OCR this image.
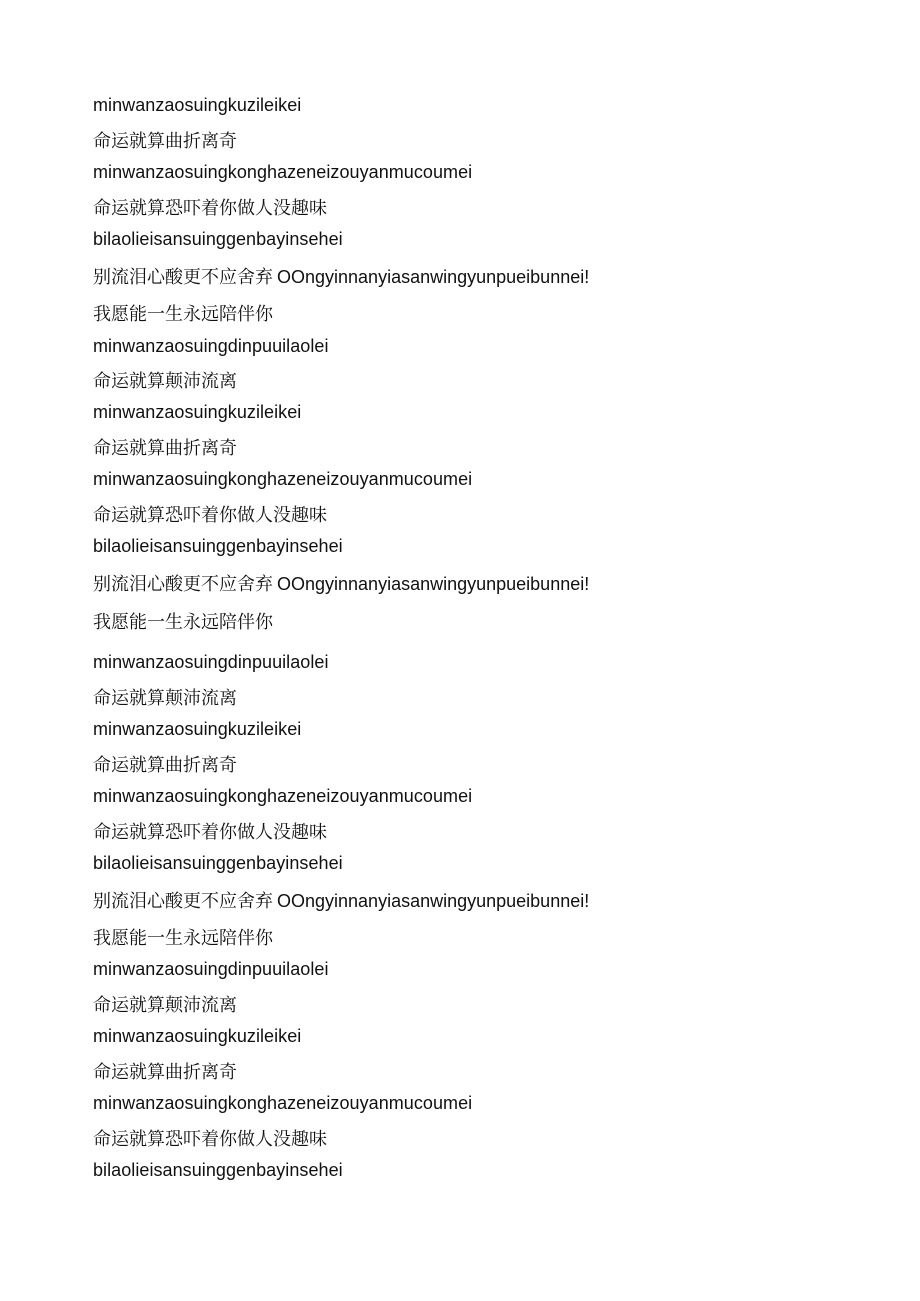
minwanzaosuingkuzileikei
命运就算曲折离奇
minwanzaosuingkonghazeneizouyanmucoumei
命运就算恐吓着你做人没趣味
bilaolieisansuinggenbayinsehei
别流泪心酸更不应舍弃 OOngyinnanyiasanwingyunpueibunnei!
我愿能一生永远陪伴你
minwanzaosuingdinpuuilaolei
命运就算颠沛流离
minwanzaosuingkuzileikei
命运就算曲折离奇
minwanzaosuingkonghazeneizouyanmucoumei
命运就算恐吓着你做人没趣味
bilaolieisansuinggenbayinsehei
别流泪心酸更不应舍弃 OOngyinnanyiasanwingyunpueibunnei!
我愿能一生永远陪伴你
minwanzaosuingdinpuuilaolei
命运就算颠沛流离
minwanzaosuingkuzileikei
命运就算曲折离奇
minwanzaosuingkonghazeneizouyanmucoumei
命运就算恐吓着你做人没趣味
bilaolieisansuinggenbayinsehei
别流泪心酸更不应舍弃 OOngyinnanyiasanwingyunpueibunnei!
我愿能一生永远陪伴你
minwanzaosuingdinpuuilaolei
命运就算颠沛流离
minwanzaosuingkuzileikei
命运就算曲折离奇
minwanzaosuingkonghazeneizouyanmucoumei
命运就算恐吓着你做人没趣味
bilaolieisansuinggenbayinsehei
